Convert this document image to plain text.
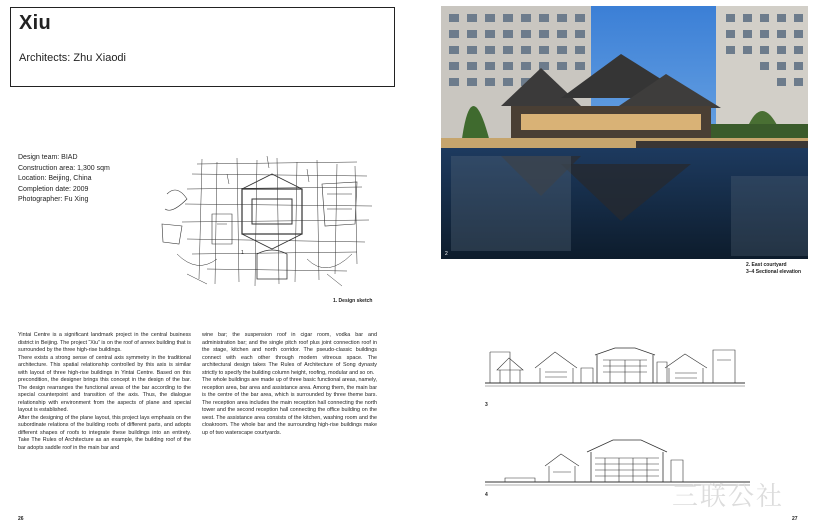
Xiu
Architects: Zhu Xiaodi
Design team: BIAD
Construction area: 1,300 sqm
Location: Beijing, China
Completion date: 2009
Photographer: Fu Xing
1
1. Design sketch

Yintai Centre is a significant landmark project in the central business district in Beijing. The project “Xiu” is on the roof of annex building that is surrounded by the three high-rise buildings.

There exists a strong sense of central axis symmetry in the traditional architecture. This spatial relationship controlled by this axis is similar with layout of three high-rise buildings in Yintai Centre. Based on this precondition, the designer brings this concept in the design of the bar. The design rearranges the functional areas of the bar according to the special counterpoint and transition of the axis. Thus, the dialogue relationship with environment from the aspects of plane and special layout is established.

After the designing of the plane layout, this project lays emphasis on the subordinate relations of the building roofs of different parts, and adopts different shapes of roofs to integrate these buildings into an entirety. Take The Rules of Architecture as an example, the building roof of the bar adopts saddle roof in the main bar and

wine bar; the suspension roof in cigar room, vodka bar and administration bar; and the single pitch roof plus joint connection roof in the stage, kitchen and north corridor. The pseudo-classic buildings connect with each other through modern vitreous space. The architectural design takes The Rules of Architecture of Song dynasty strictly to specify the building column height, roofing, modular and so on.

The whole buildings are made up of three basic functional areas, namely, reception area, bar area and assistance area. Among them, the main bar is the centre of the bar area, which is surrounded by three theme bars. The reception area includes the main reception hall connecting the north tower and the second reception hall connecting the office building on the west. The assistance area consists of the kitchen, washing room and the cloakroom. The whole bar and the surrounding high-rise buildings make up of two waterscape courtyards.

26
2
2. East courtyard
3–4 Sectional elevation
3
4	三联公社
27
